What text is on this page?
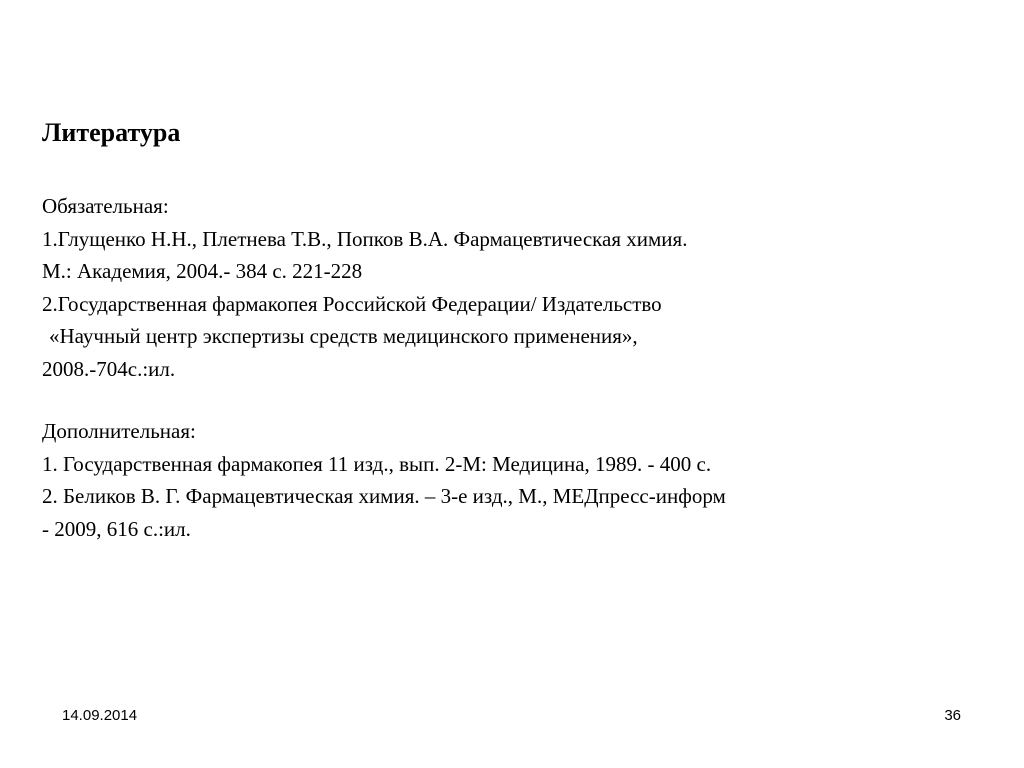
Литература
Обязательная:
1.Глущенко Н.Н., Плетнева Т.В., Попков В.А. Фармацевтическая химия.
М.: Академия, 2004.- 384 с. 221-228
2.Государственная фармакопея Российской Федерации/ Издательство
«Научный центр экспертизы средств медицинского применения»,
2008.-704с.:ил.
Дополнительная:
1. Государственная фармакопея 11 изд., вып. 2-М: Медицина, 1989. - 400 с.
2. Беликов В. Г. Фармацевтическая химия. – 3-е изд., М., МЕДпресс-информ
- 2009, 616 с.:ил.
14.09.2014	36
